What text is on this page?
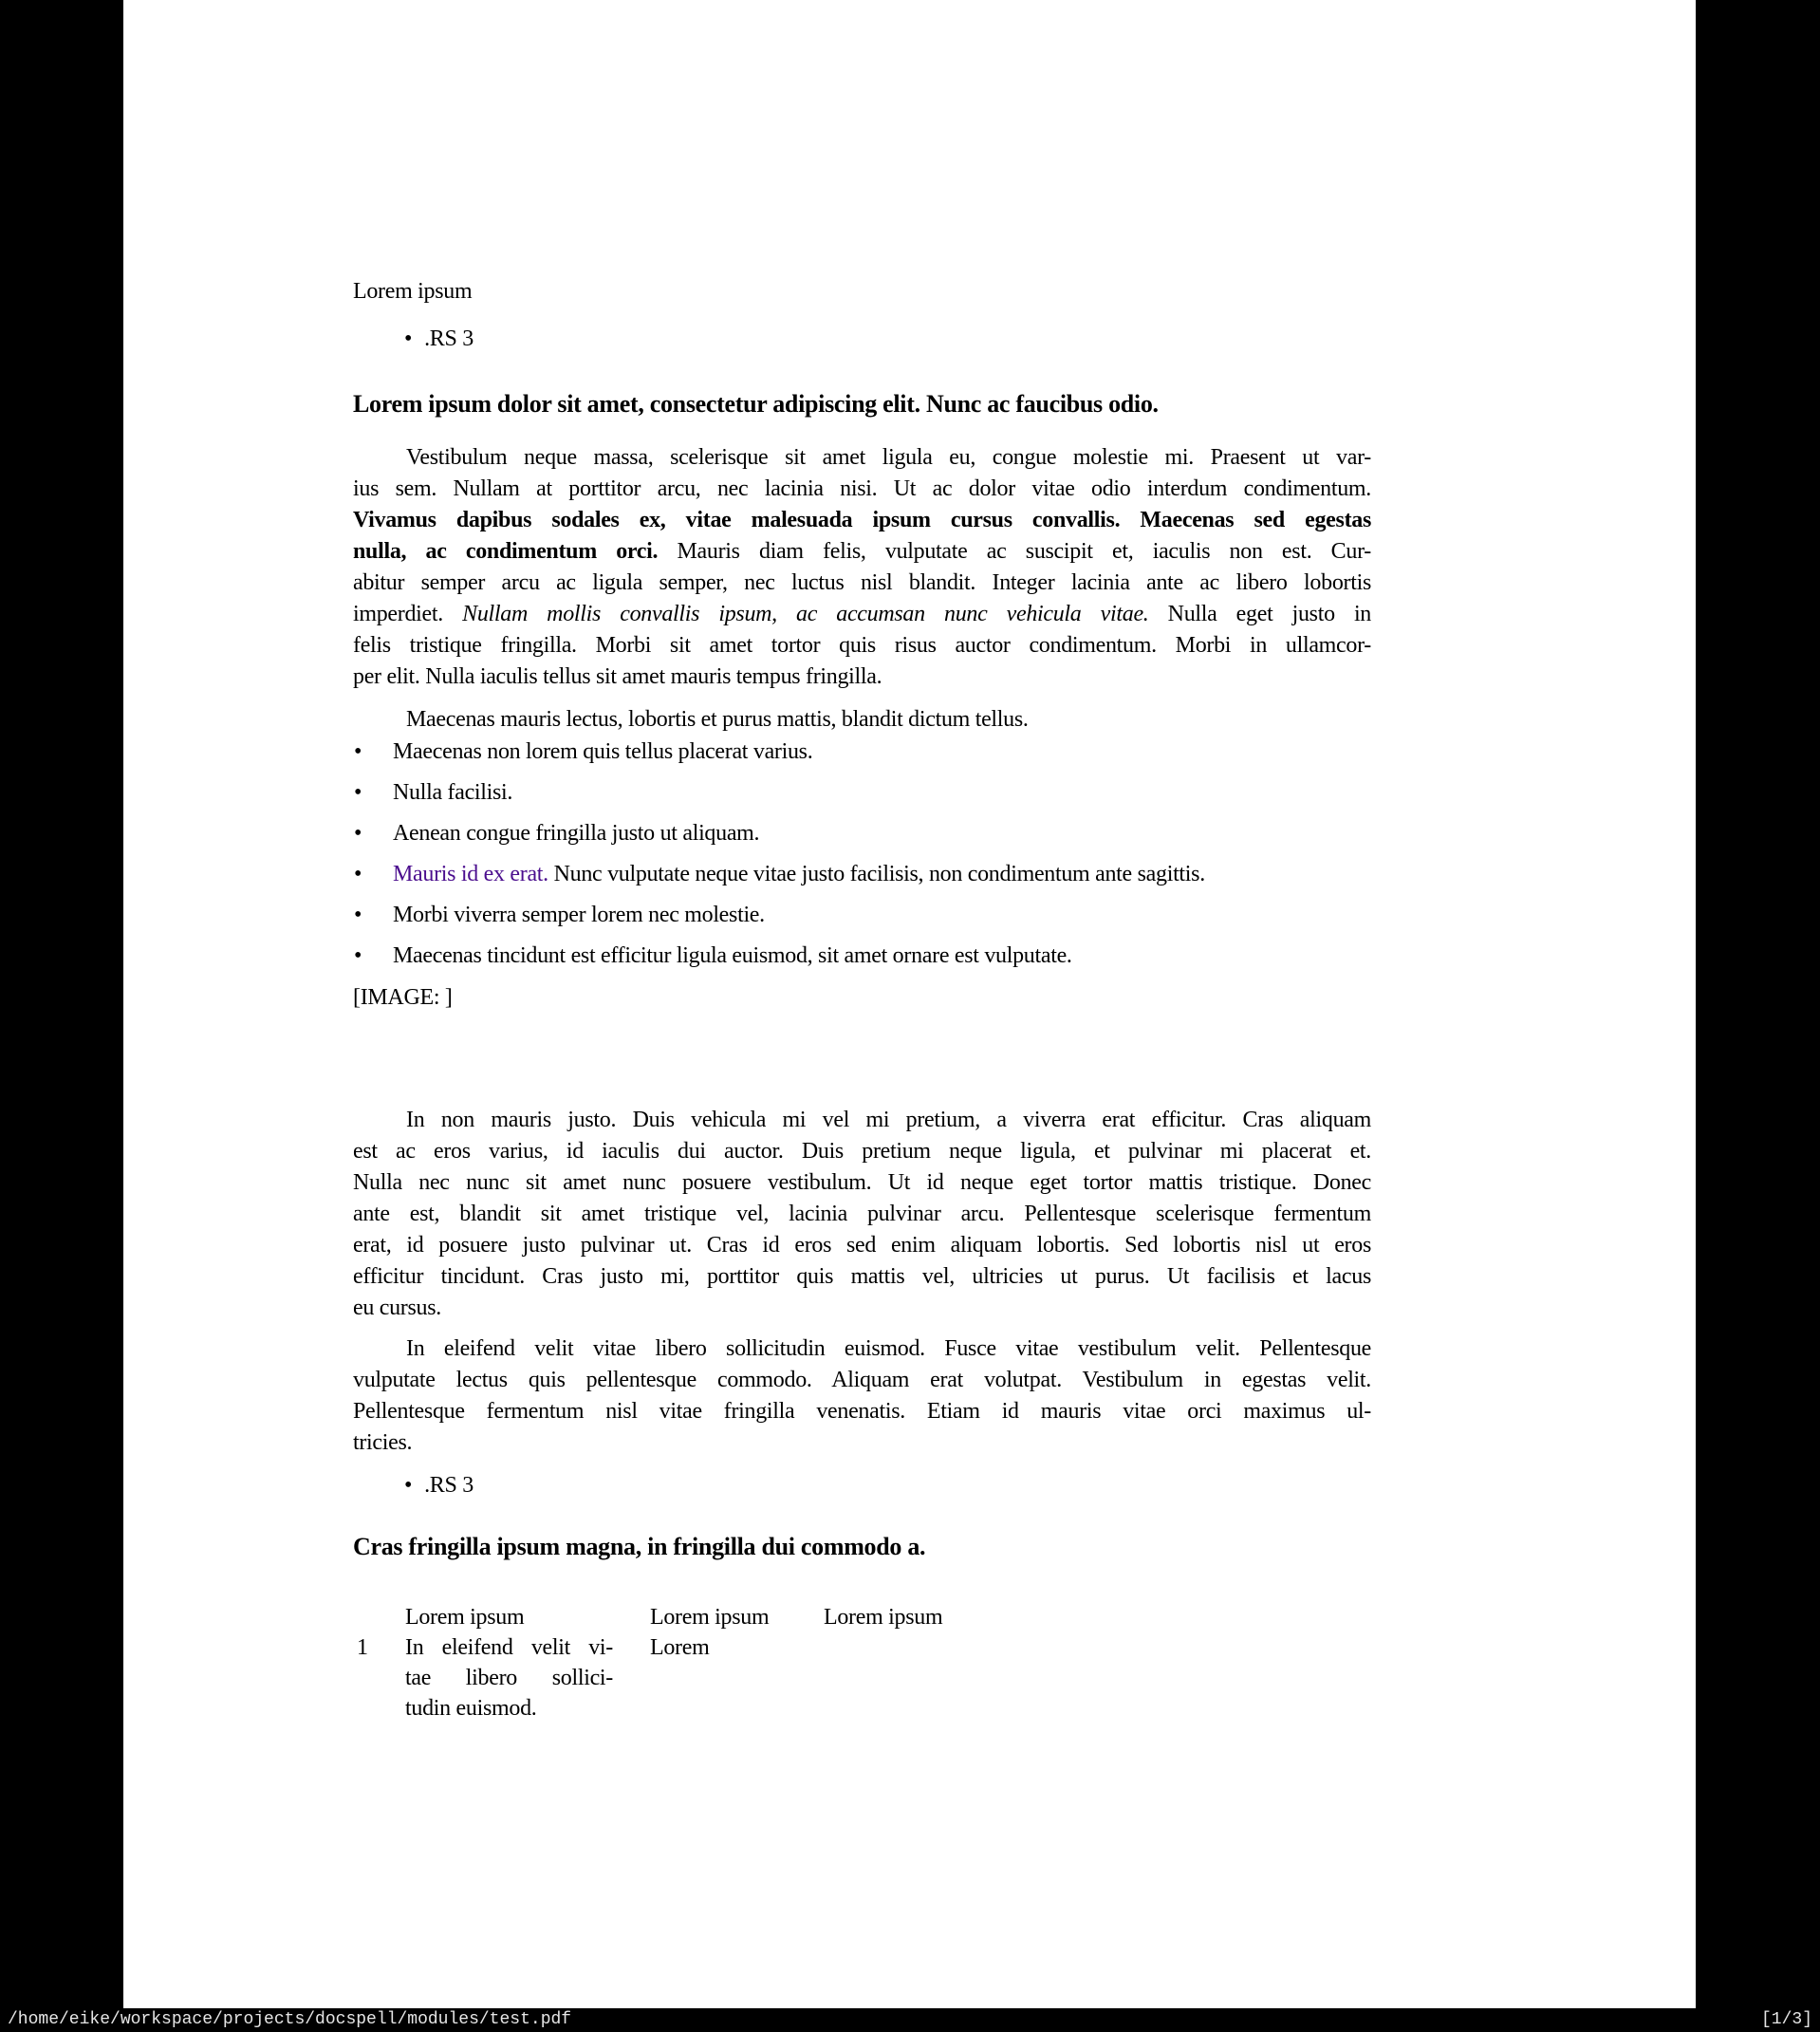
Lorem ipsum
• .RS 3
Lorem ipsum dolor sit amet, consectetur adipiscing elit. Nunc ac faucibus odio.
Vestibulum neque massa, scelerisque sit amet ligula eu, congue molestie mi. Praesent ut var-
ius sem. Nullam at porttitor arcu, nec lacinia nisi. Ut ac dolor vitae odio interdum condimentum.
Vivamus dapibus sodales ex, vitae malesuada ipsum cursus convallis. Maecenas sed egestas
nulla, ac condimentum orci. Mauris diam felis, vulputate ac suscipit et, iaculis non est. Cur-
abitur semper arcu ac ligula semper, nec luctus nisl blandit. Integer lacinia ante ac libero lobortis
imperdiet. Nullam mollis convallis ipsum, ac accumsan nunc vehicula vitae. Nulla eget justo in
felis tristique fringilla. Morbi sit amet tortor quis risus auctor condimentum. Morbi in ullamcor-
per elit. Nulla iaculis tellus sit amet mauris tempus fringilla.
Maecenas mauris lectus, lobortis et purus mattis, blandit dictum tellus.
• Maecenas non lorem quis tellus placerat varius.
• Nulla facilisi.
• Aenean congue fringilla justo ut aliquam.
• Mauris id ex erat. Nunc vulputate neque vitae justo facilisis, non condimentum ante sagittis.
• Morbi viverra semper lorem nec molestie.
• Maecenas tincidunt est efficitur ligula euismod, sit amet ornare est vulputate.
[IMAGE: ]
In non mauris justo. Duis vehicula mi vel mi pretium, a viverra erat efficitur. Cras aliquam
est ac eros varius, id iaculis dui auctor. Duis pretium neque ligula, et pulvinar mi placerat et.
Nulla nec nunc sit amet nunc posuere vestibulum. Ut id neque eget tortor mattis tristique. Donec
ante est, blandit sit amet tristique vel, lacinia pulvinar arcu. Pellentesque scelerisque fermentum
erat, id posuere justo pulvinar ut. Cras id eros sed enim aliquam lobortis. Sed lobortis nisl ut eros
efficitur tincidunt. Cras justo mi, porttitor quis mattis vel, ultricies ut purus. Ut facilisis et lacus
eu cursus.
In eleifend velit vitae libero sollicitudin euismod. Fusce vitae vestibulum velit. Pellentesque
vulputate lectus quis pellentesque commodo. Aliquam erat volutpat. Vestibulum in egestas velit.
Pellentesque fermentum nisl vitae fringilla venenatis. Etiam id mauris vitae orci maximus ul-
tricies.
• .RS 3
Cras fringilla ipsum magna, in fringilla dui commodo a.
1
Lorem ipsum
In eleifend velit vi-
tae libero sollici-
tudin euismod.
Lorem ipsum
Lorem
Lorem ipsum
/home/eike/workspace/projects/docspell/modules/test.pdf	[1/3]
